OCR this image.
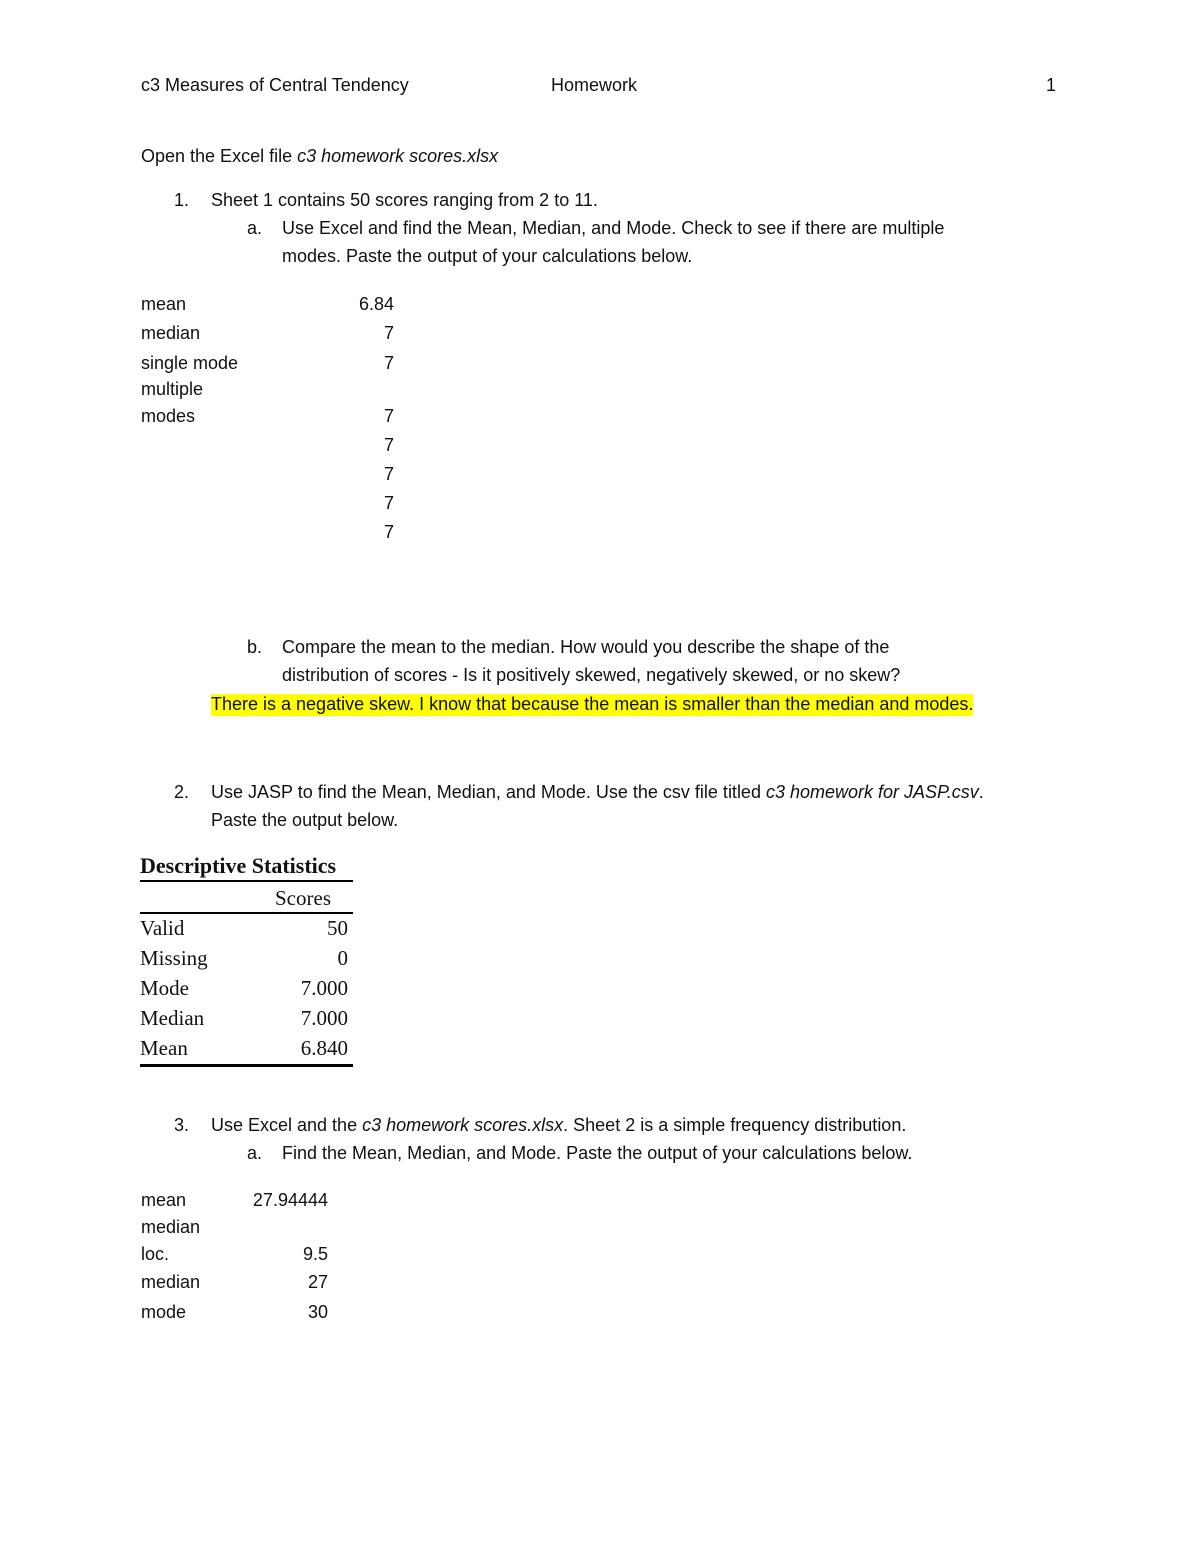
c3 Measures of Central Tendency	Homework	1
Open the Excel file c3 homework scores.xlsx
1. Sheet 1 contains 50 scores ranging from 2 to 11.
a. Use Excel and find the Mean, Median, and Mode. Check to see if there are multiple
modes. Paste the output of your calculations below.
mean	6.84
median	7
single mode	7
multiple
modes	7
7
7
7
7
b. Compare the mean to the median. How would you describe the shape of the
distribution of scores - Is it positively skewed, negatively skewed, or no skew?
There is a negative skew. I know that because the mean is smaller than the median and modes.
2. Use JASP to find the Mean, Median, and Mode. Use the csv file titled c3 homework for JASP.csv.
Paste the output below.
Descriptive Statistics
Scores
Valid	50
Missing	0
Mode	7.000
Median	7.000
Mean	6.840
3. Use Excel and the c3 homework scores.xlsx. Sheet 2 is a simple frequency distribution.
a. Find the Mean, Median, and Mode. Paste the output of your calculations below.
mean	27.94444
median
loc.	9.5
median	27
mode	30
